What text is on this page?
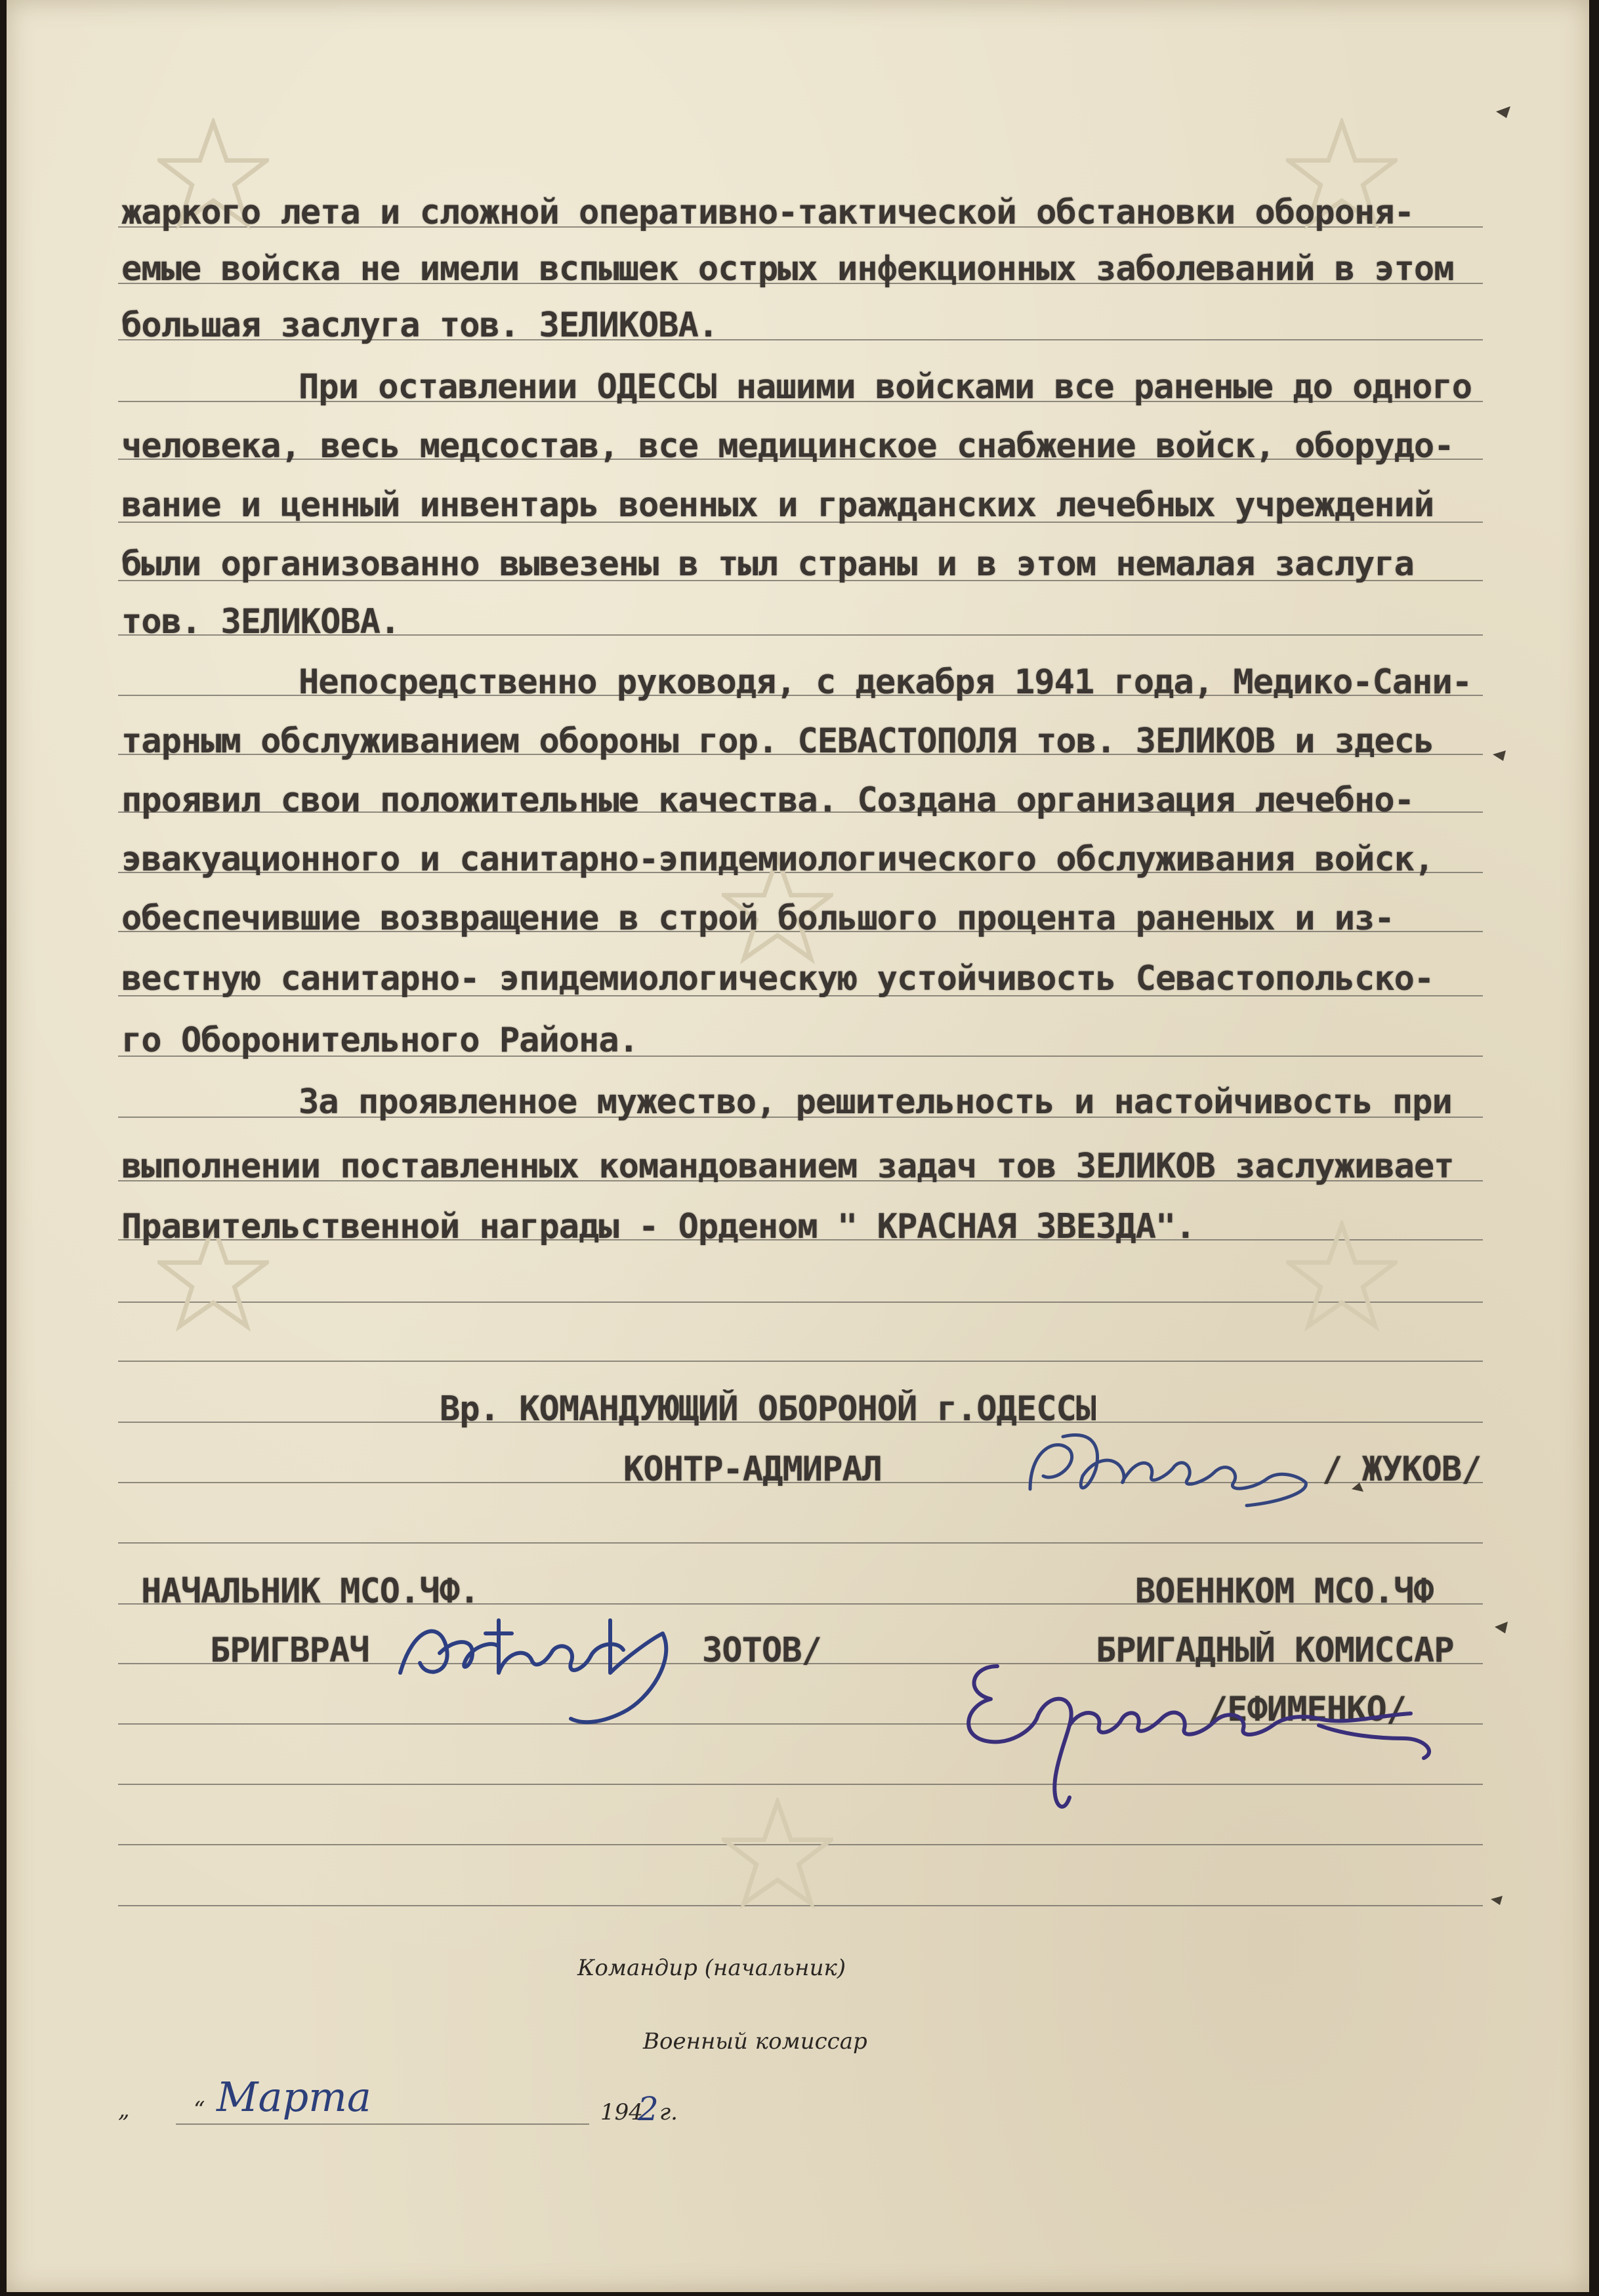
жаркого лета и сложной оперативно-тактической обстановки обороня-
емые войска не имели вспышек острых инфекционных заболеваний в этом
большая заслуга тов. ЗЕЛИКОВА.
При оставлении ОДЕССЫ нашими войсками все раненые до одного
человека, весь медсостав, все медицинское снабжение войск, оборудо-
вание и ценный инвентарь военных и гражданских лечебных учреждений
были организованно вывезены в тыл страны и в этом немалая заслуга
тов. ЗЕЛИКОВА.
Непосредственно руководя, с декабря 1941 года, Медико-Сани-
тарным обслуживанием обороны гор. СЕВАСТОПОЛЯ тов. ЗЕЛИКОВ и здесь
проявил свои положительные качества. Создана организация лечебно-
эвакуационного и санитарно-эпидемиологического обслуживания войск,
обеспечившие возвращение в строй большого процента раненых и из-
вестную санитарно- эпидемиологическую устойчивость Севастопольско-
го Оборонительного Района.
За проявленное мужество, решительность и настойчивость при
выполнении поставленных командованием задач тов ЗЕЛИКОВ заслуживает
Правительственной награды - Орденом " КРАСНАЯ ЗВЕЗДА".
Вр. КОМАНДУЮЩИЙ ОБОРОНОЙ г.ОДЕССЫ
КОНТР-АДМИРАЛ	/ ЖУКОВ/
НАЧАЛЬНИК МСО.ЧФ.
БРИГВРАЧ	ЗОТОВ/
ВОЕННКОМ МСО.ЧФ
БРИГАДНЫЙ КОМИССАР
/ЕФИМЕНКО/
Командир (начальник)
Военный комиссар
„	“ Марта	194
2 г.
